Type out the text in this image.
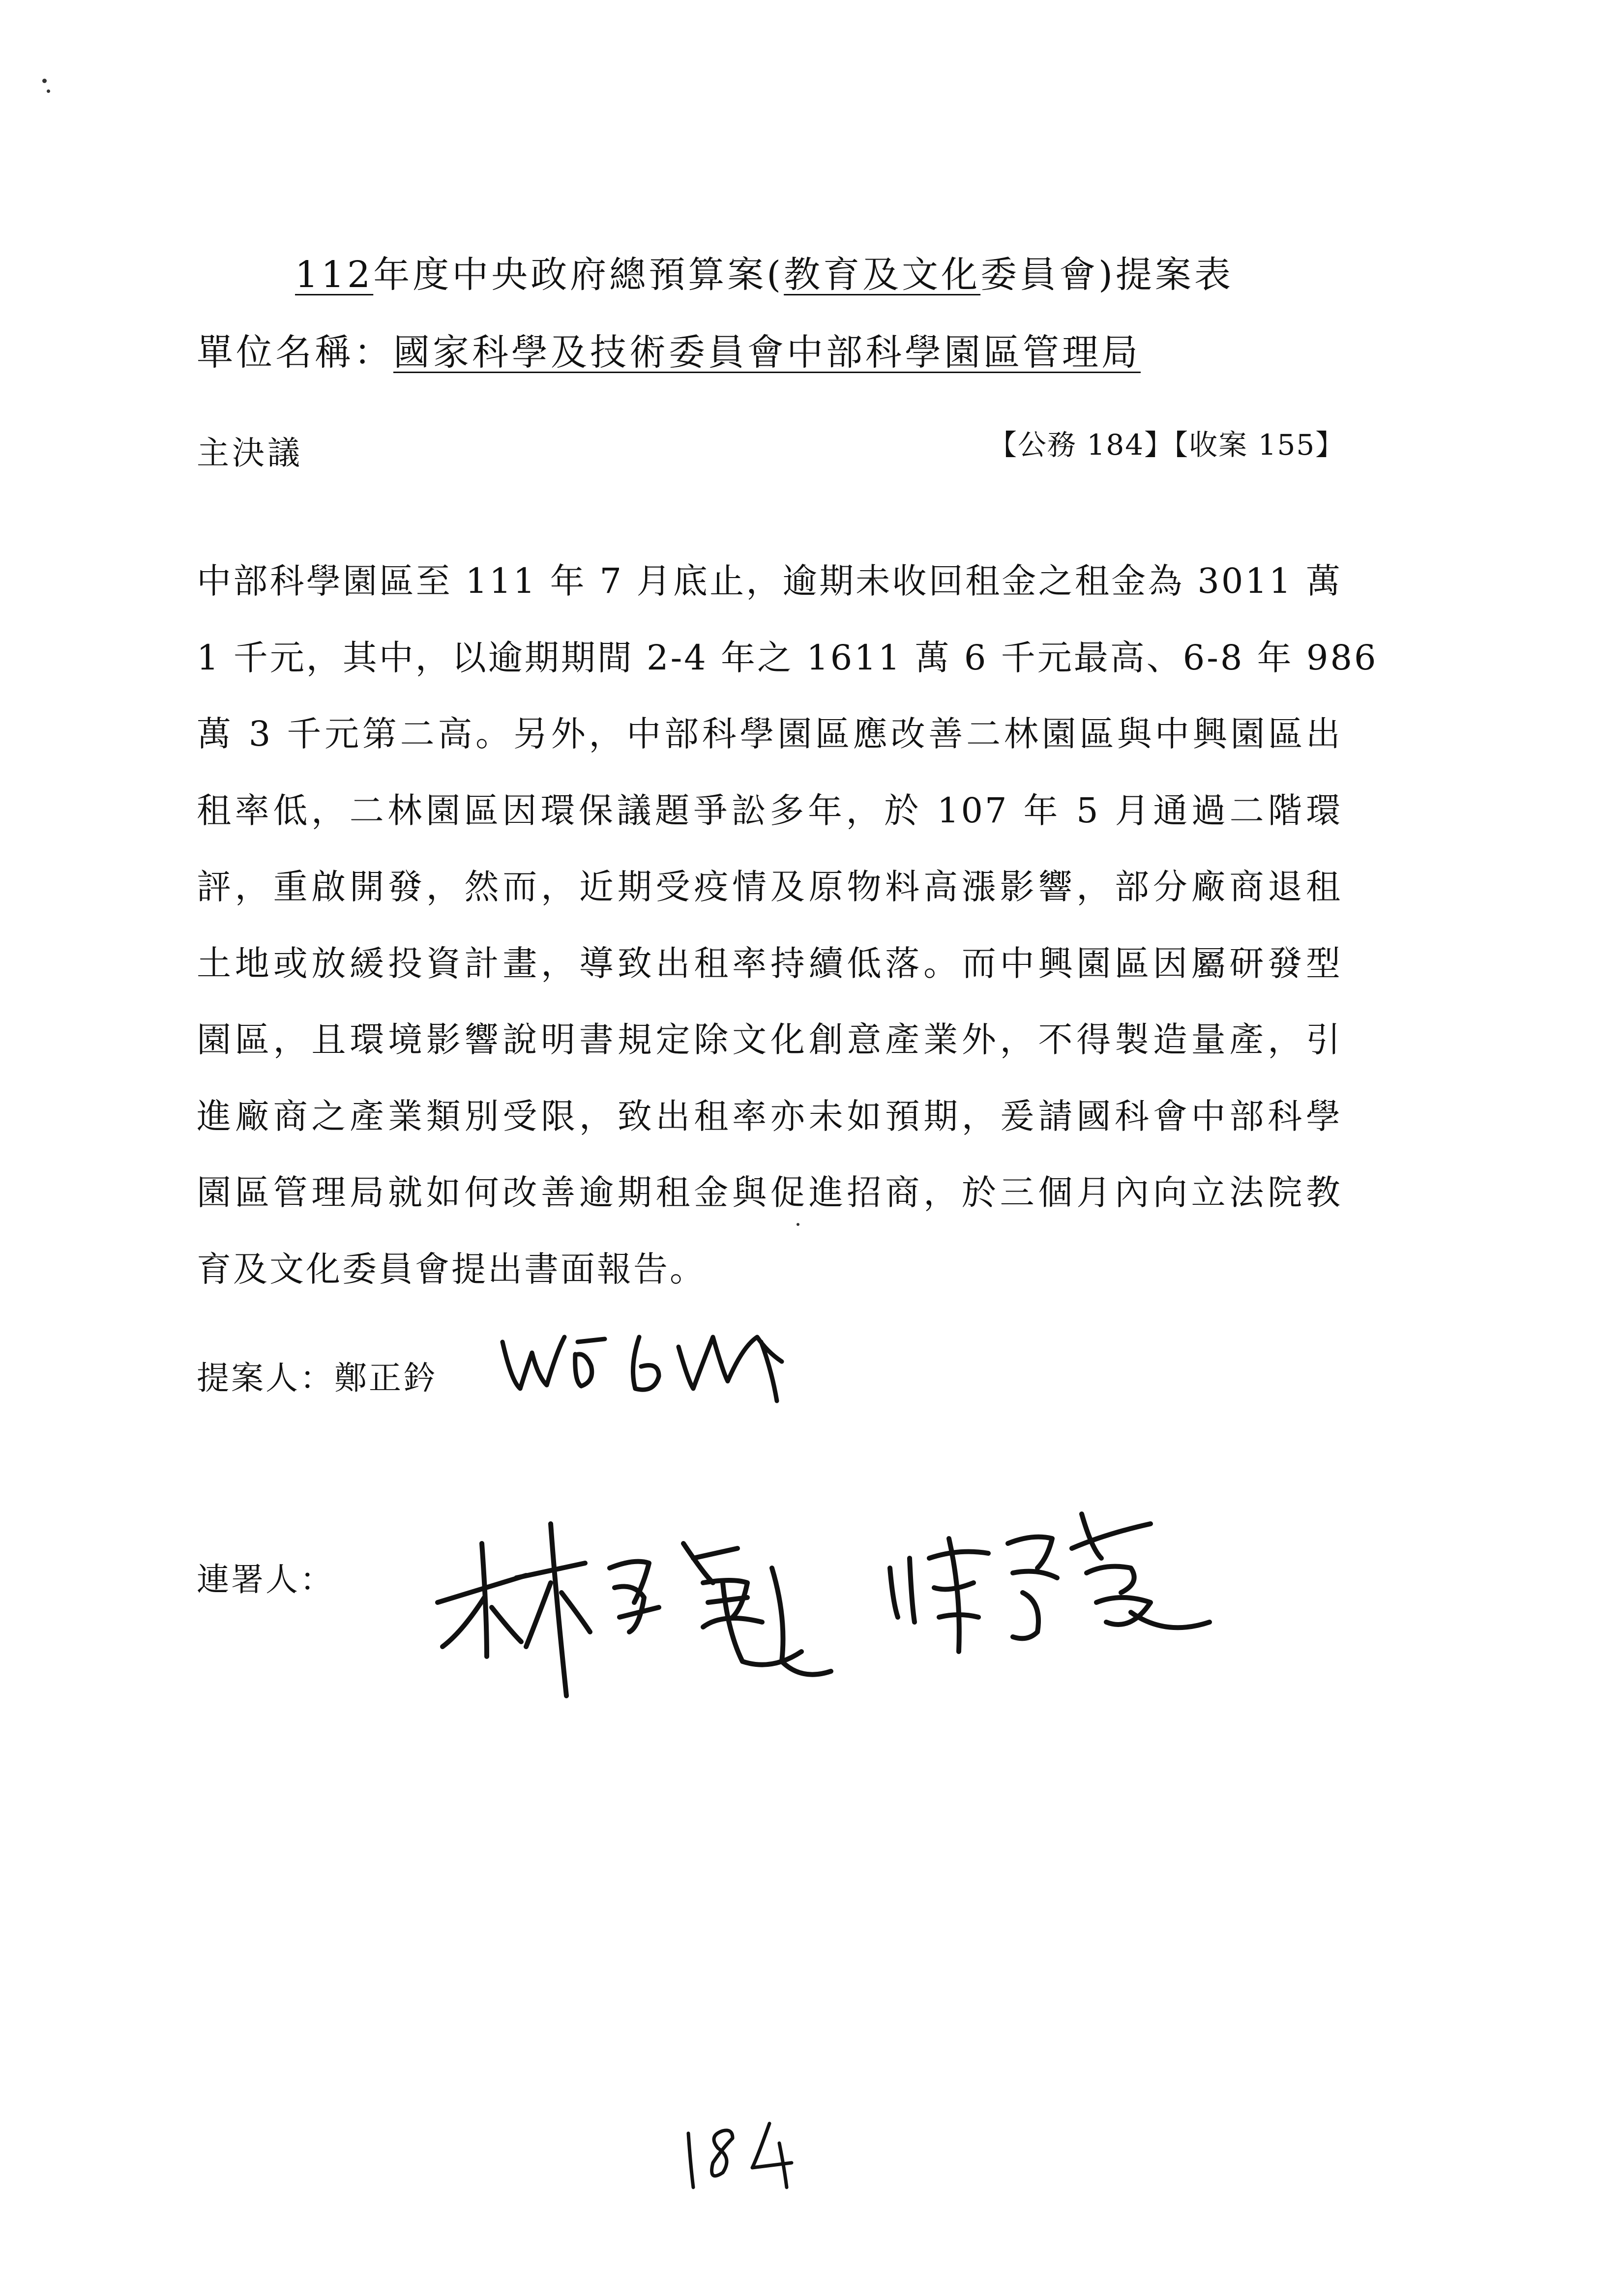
112年度中央政府總預算案(教育及文化委員會)提案表
單位名稱：國家科學及技術委員會中部科學園區管理局
主決議	【公務 184】【收案 155】

中部科學園區至 111 年 7 月底止，逾期未收回租金之租金為 3011 萬

1 千元，其中，以逾期期間 2-4 年之 1611 萬 6 千元最高、6-8 年 986

萬 3 千元第二高。另外，中部科學園區應改善二林園區與中興園區出

租率低，二林園區因環保議題爭訟多年，於 107 年 5 月通過二階環

評，重啟開發，然而，近期受疫情及原物料高漲影響，部分廠商退租

土地或放緩投資計畫，導致出租率持續低落。而中興園區因屬研發型

園區，且環境影響說明書規定除文化創意產業外，不得製造量產，引

進廠商之產業類別受限，致出租率亦未如預期，爰請國科會中部科學

園區管理局就如何改善逾期租金與促進招商，於三個月內向立法院教

育及文化委員會提出書面報告。

提案人：鄭正鈐
連署人：
